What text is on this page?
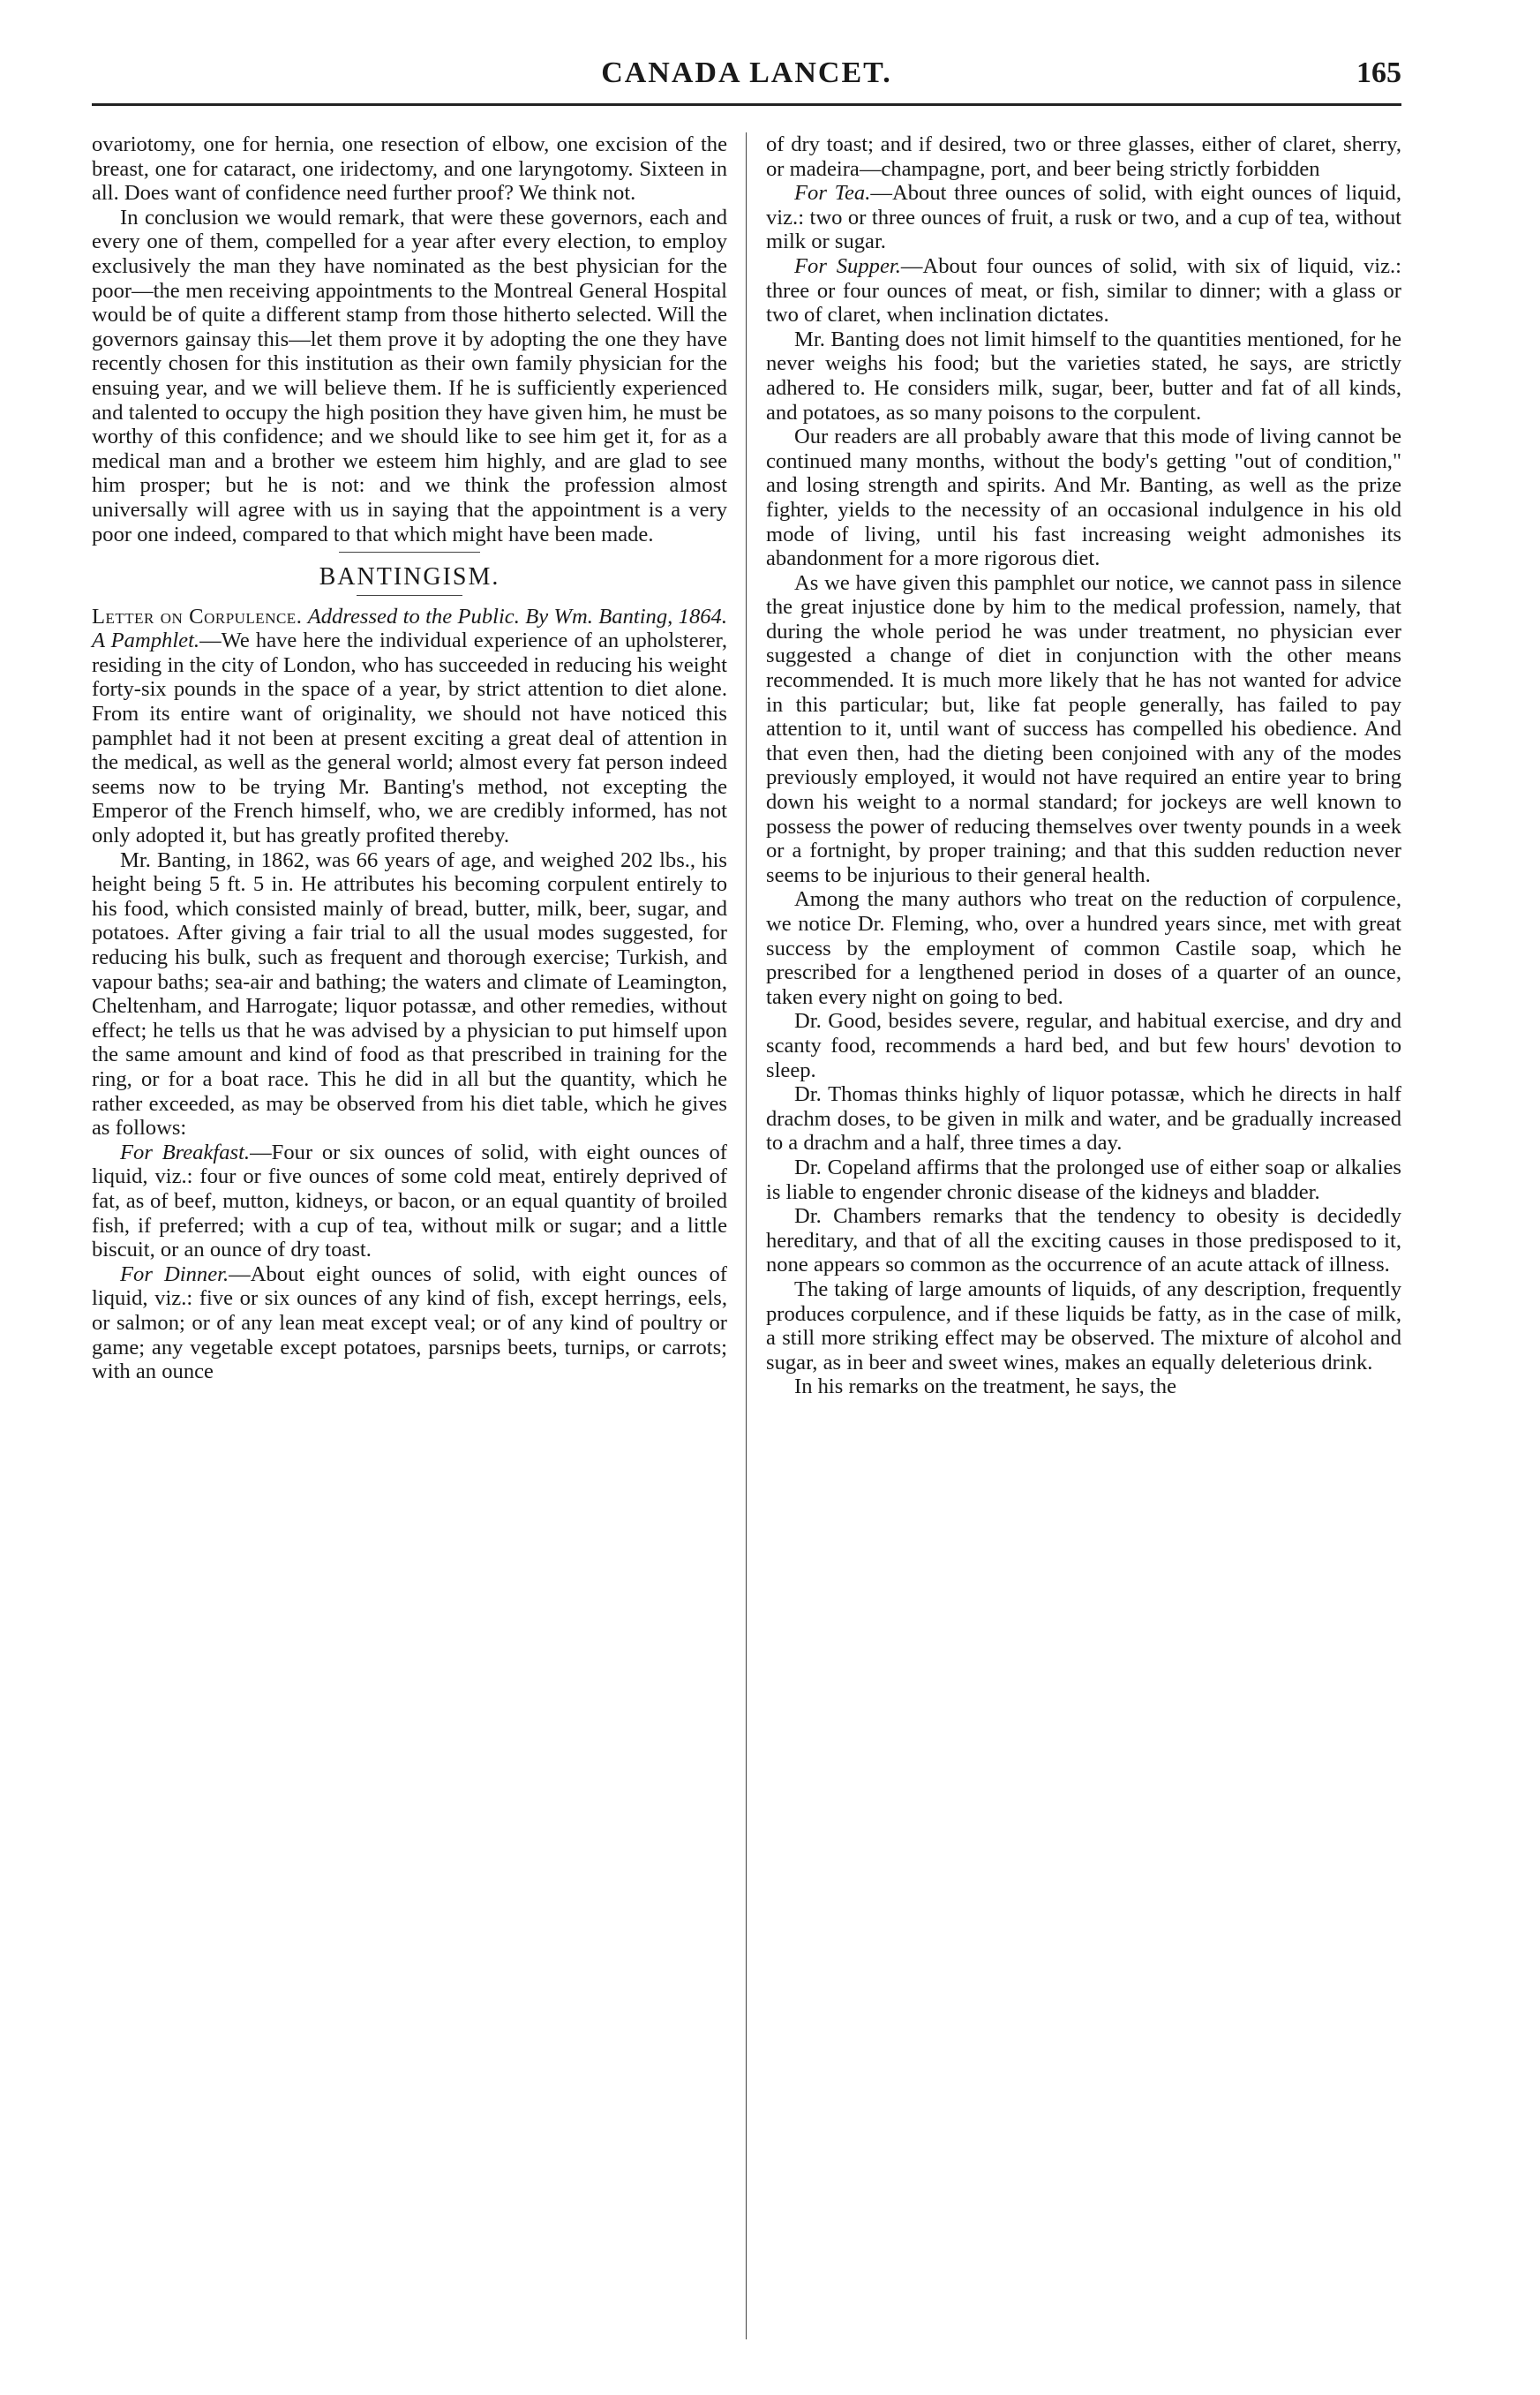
CANADA LANCET.	165

ovariotomy, one for hernia, one resection of elbow, one excision of the breast, one for cataract, one iridectomy, and one laryngotomy. Sixteen in all. Does want of confidence need further proof? We think not.

In conclusion we would remark, that were these governors, each and every one of them, compelled for a year after every election, to employ exclusively the man they have nominated as the best physician for the poor—the men receiving appointments to the Montreal General Hospital would be of quite a different stamp from those hitherto selected. Will the governors gainsay this—let them prove it by adopting the one they have recently chosen for this institution as their own family physician for the ensuing year, and we will believe them. If he is sufficiently experienced and talented to occupy the high position they have given him, he must be worthy of this confidence; and we should like to see him get it, for as a medical man and a brother we esteem him highly, and are glad to see him prosper; but he is not: and we think the profession almost universally will agree with us in saying that the appointment is a very poor one indeed, compared to that which might have been made.

BANTINGISM.

Letter on Corpulence. Addressed to the Public. By Wm. Banting, 1864. A Pamphlet.—We have here the individual experience of an upholsterer, residing in the city of London, who has succeeded in reducing his weight forty-six pounds in the space of a year, by strict attention to diet alone. From its entire want of originality, we should not have noticed this pamphlet had it not been at present exciting a great deal of attention in the medical, as well as the general world; almost every fat person indeed seems now to be trying Mr. Banting's method, not excepting the Emperor of the French himself, who, we are credibly informed, has not only adopted it, but has greatly profited thereby.

Mr. Banting, in 1862, was 66 years of age, and weighed 202 lbs., his height being 5 ft. 5 in. He attributes his becoming corpulent entirely to his food, which consisted mainly of bread, butter, milk, beer, sugar, and potatoes. After giving a fair trial to all the usual modes suggested, for reducing his bulk, such as frequent and thorough exercise; Turkish, and vapour baths; sea-air and bathing; the waters and climate of Leamington, Cheltenham, and Harrogate; liquor potassæ, and other remedies, without effect; he tells us that he was advised by a physician to put himself upon the same amount and kind of food as that prescribed in training for the ring, or for a boat race. This he did in all but the quantity, which he rather exceeded, as may be observed from his diet table, which he gives as follows:

For Breakfast.—Four or six ounces of solid, with eight ounces of liquid, viz.: four or five ounces of some cold meat, entirely deprived of fat, as of beef, mutton, kidneys, or bacon, or an equal quantity of broiled fish, if preferred; with a cup of tea, without milk or sugar; and a little biscuit, or an ounce of dry toast.

For Dinner.—About eight ounces of solid, with eight ounces of liquid, viz.: five or six ounces of any kind of fish, except herrings, eels, or salmon; or of any lean meat except veal; or of any kind of poultry or game; any vegetable except potatoes, parsnips beets, turnips, or carrots; with an ounce

of dry toast; and if desired, two or three glasses, either of claret, sherry, or madeira—champagne, port, and beer being strictly forbidden

For Tea.—About three ounces of solid, with eight ounces of liquid, viz.: two or three ounces of fruit, a rusk or two, and a cup of tea, without milk or sugar.

For Supper.—About four ounces of solid, with six of liquid, viz.: three or four ounces of meat, or fish, similar to dinner; with a glass or two of claret, when inclination dictates.

Mr. Banting does not limit himself to the quantities mentioned, for he never weighs his food; but the varieties stated, he says, are strictly adhered to. He considers milk, sugar, beer, butter and fat of all kinds, and potatoes, as so many poisons to the corpulent.

Our readers are all probably aware that this mode of living cannot be continued many months, without the body's getting "out of condition," and losing strength and spirits. And Mr. Banting, as well as the prize fighter, yields to the necessity of an occasional indulgence in his old mode of living, until his fast increasing weight admonishes its abandonment for a more rigorous diet.

As we have given this pamphlet our notice, we cannot pass in silence the great injustice done by him to the medical profession, namely, that during the whole period he was under treatment, no physician ever suggested a change of diet in conjunction with the other means recommended. It is much more likely that he has not wanted for advice in this particular; but, like fat people generally, has failed to pay attention to it, until want of success has compelled his obedience. And that even then, had the dieting been conjoined with any of the modes previously employed, it would not have required an entire year to bring down his weight to a normal standard; for jockeys are well known to possess the power of reducing themselves over twenty pounds in a week or a fortnight, by proper training; and that this sudden reduction never seems to be injurious to their general health.

Among the many authors who treat on the reduction of corpulence, we notice Dr. Fleming, who, over a hundred years since, met with great success by the employment of common Castile soap, which he prescribed for a lengthened period in doses of a quarter of an ounce, taken every night on going to bed.

Dr. Good, besides severe, regular, and habitual exercise, and dry and scanty food, recommends a hard bed, and but few hours' devotion to sleep.

Dr. Thomas thinks highly of liquor potassæ, which he directs in half drachm doses, to be given in milk and water, and be gradually increased to a drachm and a half, three times a day.

Dr. Copeland affirms that the prolonged use of either soap or alkalies is liable to engender chronic disease of the kidneys and bladder.

Dr. Chambers remarks that the tendency to obesity is decidedly hereditary, and that of all the exciting causes in those predisposed to it, none appears so common as the occurrence of an acute attack of illness.

The taking of large amounts of liquids, of any description, frequently produces corpulence, and if these liquids be fatty, as in the case of milk, a still more striking effect may be observed. The mixture of alcohol and sugar, as in beer and sweet wines, makes an equally deleterious drink.

In his remarks on the treatment, he says, the
